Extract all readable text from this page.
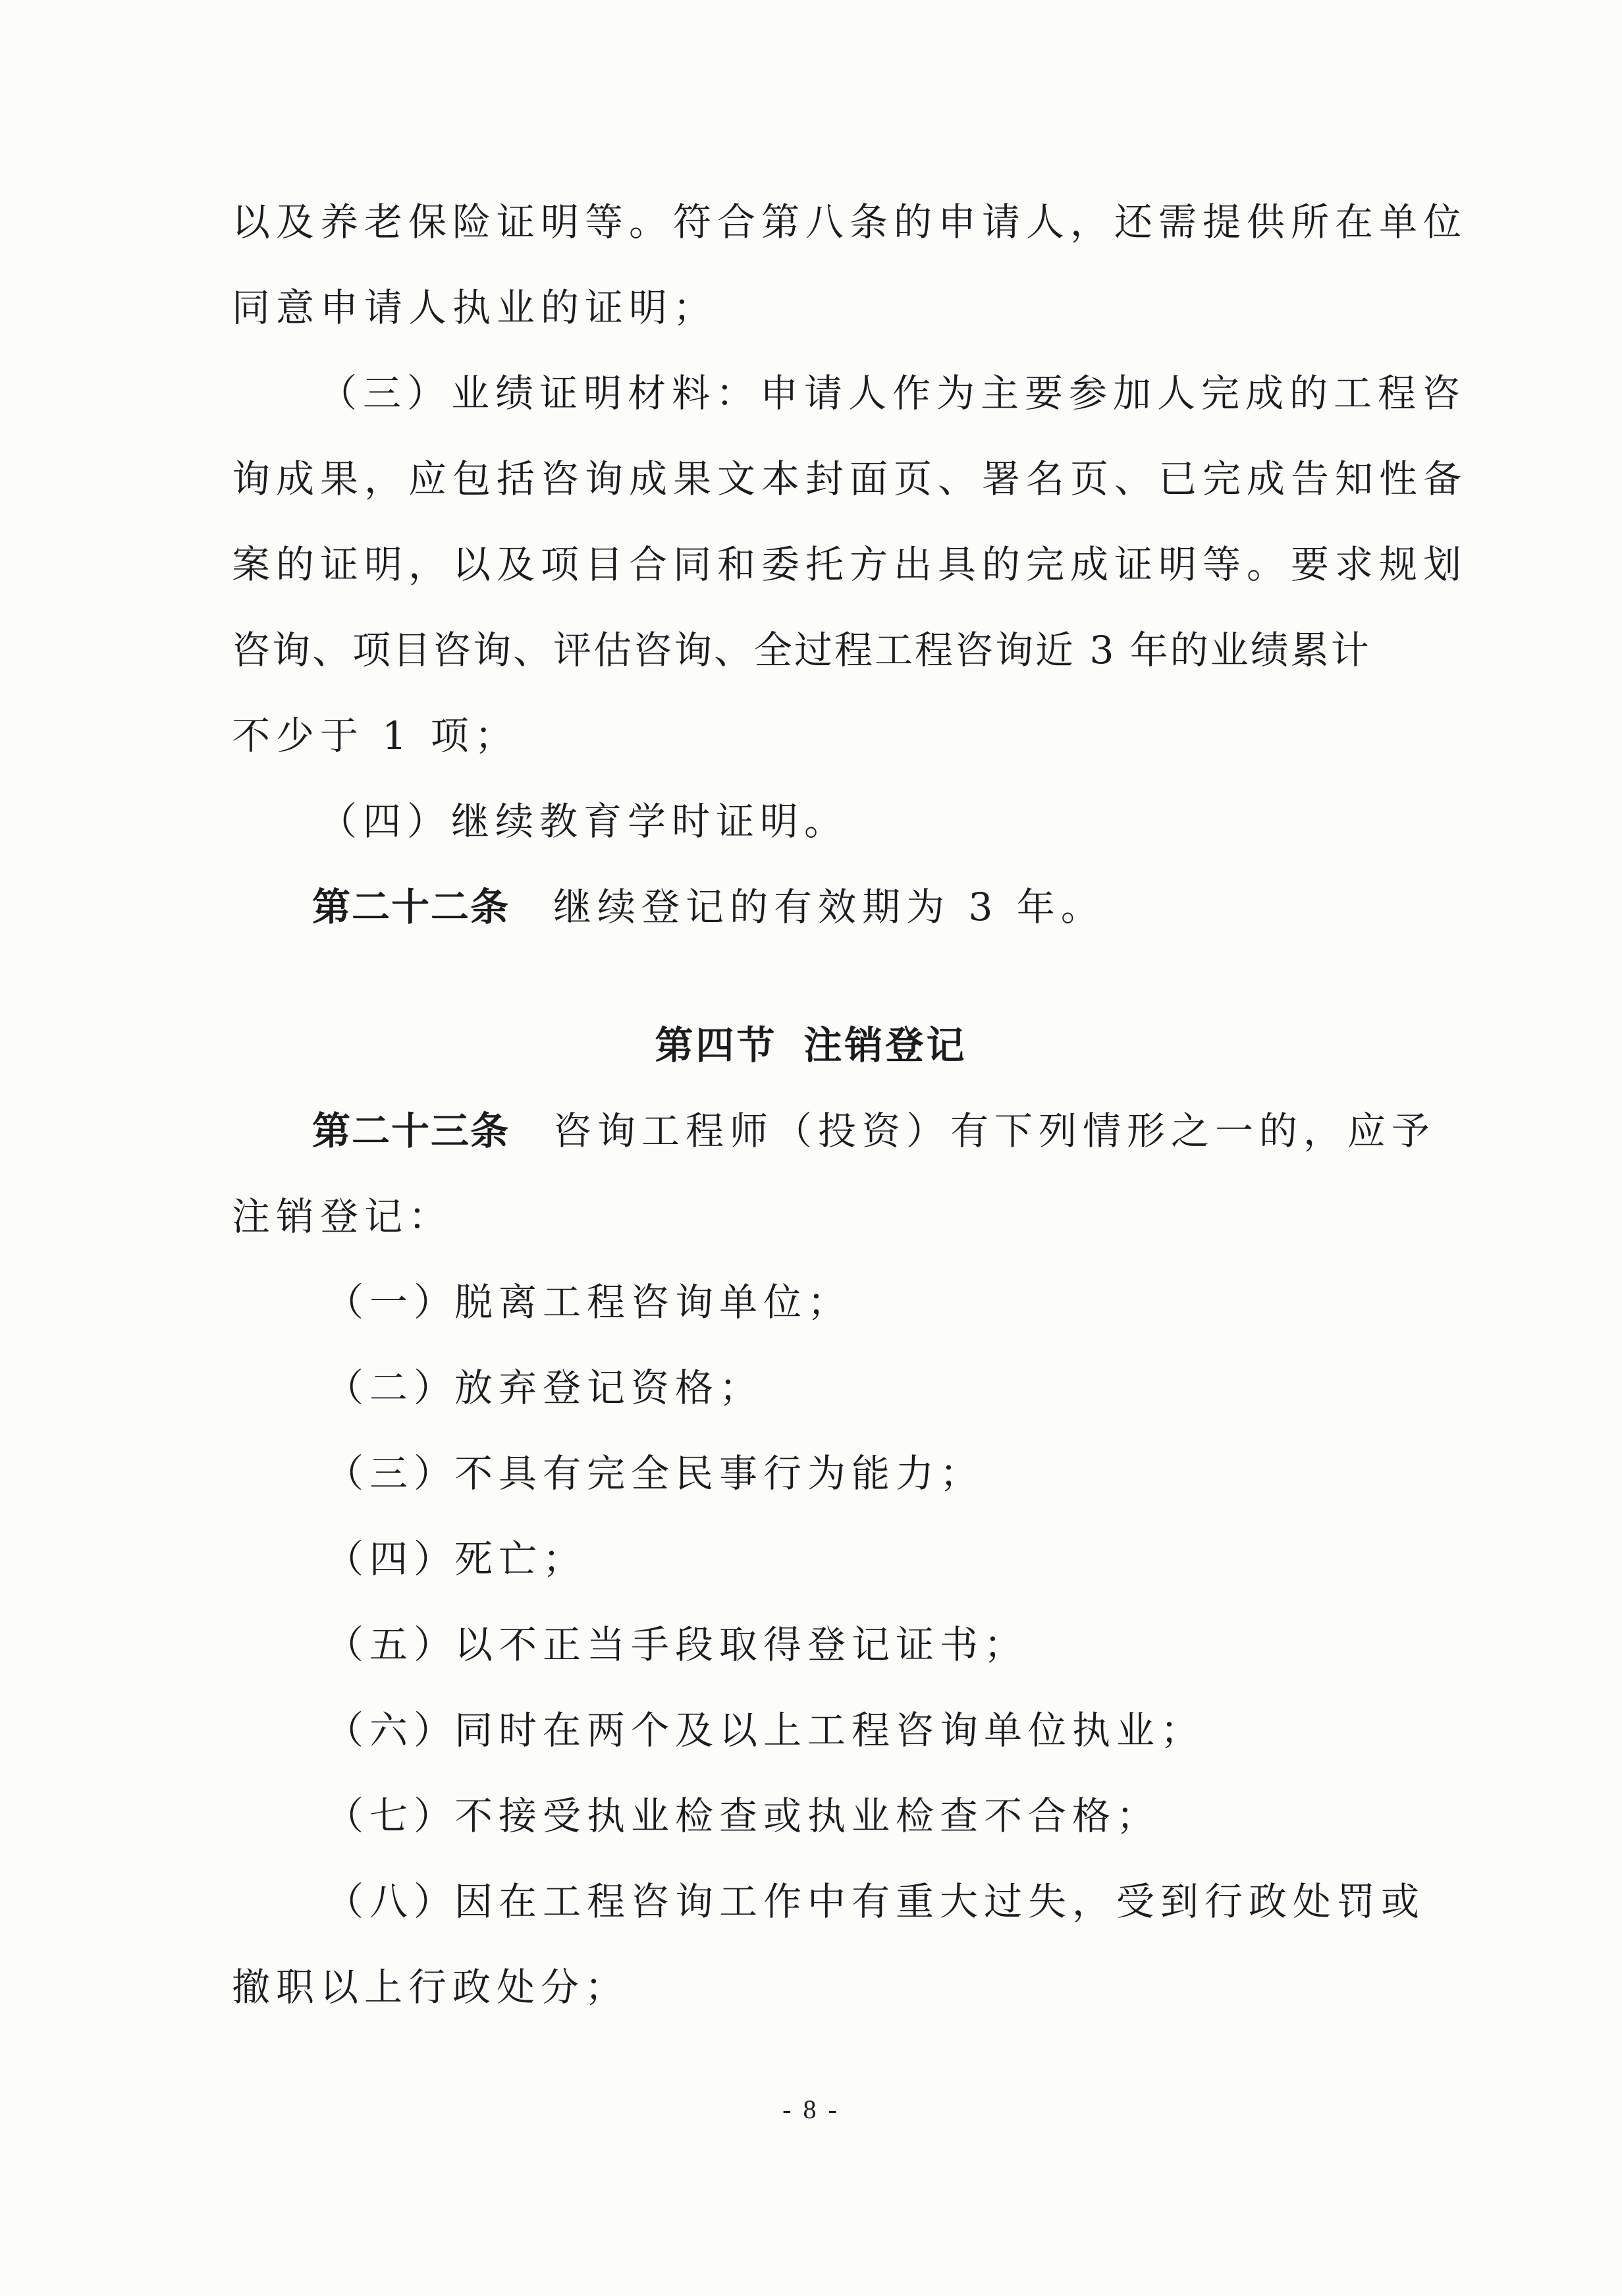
以及养老保险证明等。符合第八条的申请人，还需提供所在单位
同意申请人执业的证明；
（三）业绩证明材料：申请人作为主要参加人完成的工程咨
询成果，应包括咨询成果文本封面页、署名页、已完成告知性备
案的证明，以及项目合同和委托方出具的完成证明等。要求规划
咨询、项目咨询、评估咨询、全过程工程咨询近 3 年的业绩累计
不少于 1 项；
（四）继续教育学时证明。
第二十二条 继续登记的有效期为 3 年。
第四节 注销登记
第二十三条 咨询工程师（投资）有下列情形之一的，应予
注销登记：
（一）脱离工程咨询单位；
（二）放弃登记资格；
（三）不具有完全民事行为能力；
（四）死亡；
（五）以不正当手段取得登记证书；
（六）同时在两个及以上工程咨询单位执业；
（七）不接受执业检查或执业检查不合格；
（八）因在工程咨询工作中有重大过失，受到行政处罚或
撤职以上行政处分；
- 8 -
